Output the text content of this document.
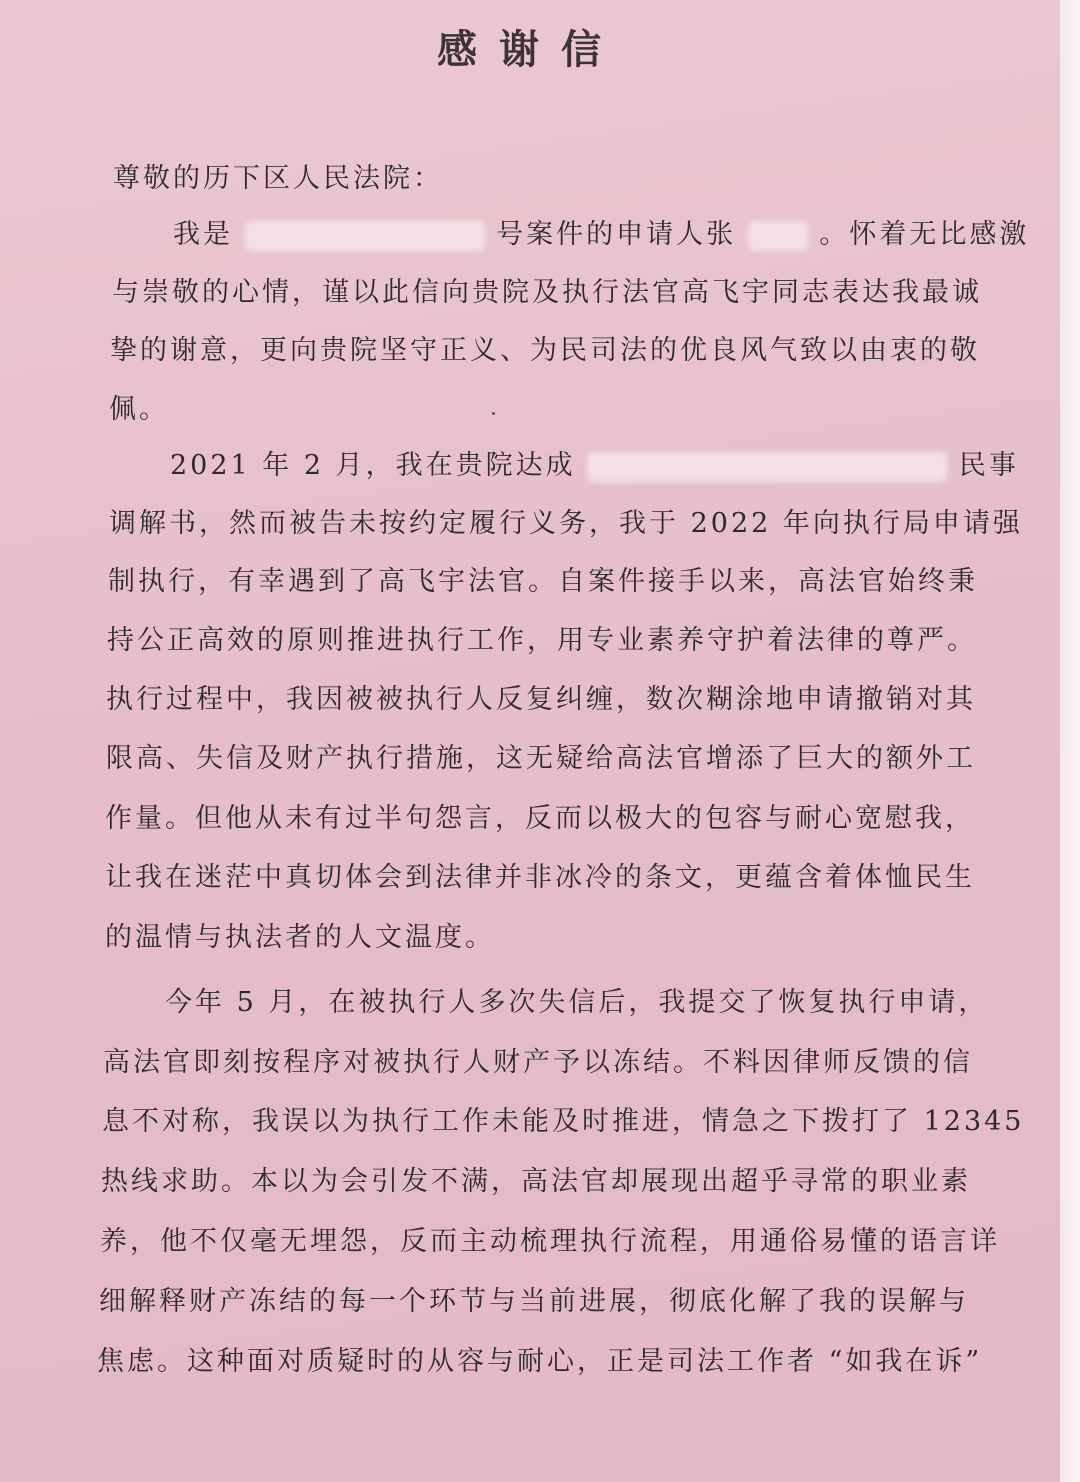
感谢信
尊敬的历下区人民法院：
我是	号案件的申请人张	。怀着无比感激
与崇敬的心情，谨以此信向贵院及执行法官高飞宇同志表达我最诚
挚的谢意，更向贵院坚守正义、为民司法的优良风气致以由衷的敬
佩。
2021 年 2 月，我在贵院达成	民事
调解书，然而被告未按约定履行义务，我于 2022 年向执行局申请强
制执行，有幸遇到了高飞宇法官。自案件接手以来，高法官始终秉
持公正高效的原则推进执行工作，用专业素养守护着法律的尊严。
执行过程中，我因被被执行人反复纠缠，数次糊涂地申请撤销对其
限高、失信及财产执行措施，这无疑给高法官增添了巨大的额外工
作量。但他从未有过半句怨言，反而以极大的包容与耐心宽慰我，
让我在迷茫中真切体会到法律并非冰冷的条文，更蕴含着体恤民生
的温情与执法者的人文温度。
今年 5 月，在被执行人多次失信后，我提交了恢复执行申请，
高法官即刻按程序对被执行人财产予以冻结。不料因律师反馈的信
息不对称，我误以为执行工作未能及时推进，情急之下拨打了 12345
热线求助。本以为会引发不满，高法官却展现出超乎寻常的职业素
养，他不仅毫无埋怨，反而主动梳理执行流程，用通俗易懂的语言详
细解释财产冻结的每一个环节与当前进展，彻底化解了我的误解与
焦虑。这种面对质疑时的从容与耐心，正是司法工作者 “如我在诉”
